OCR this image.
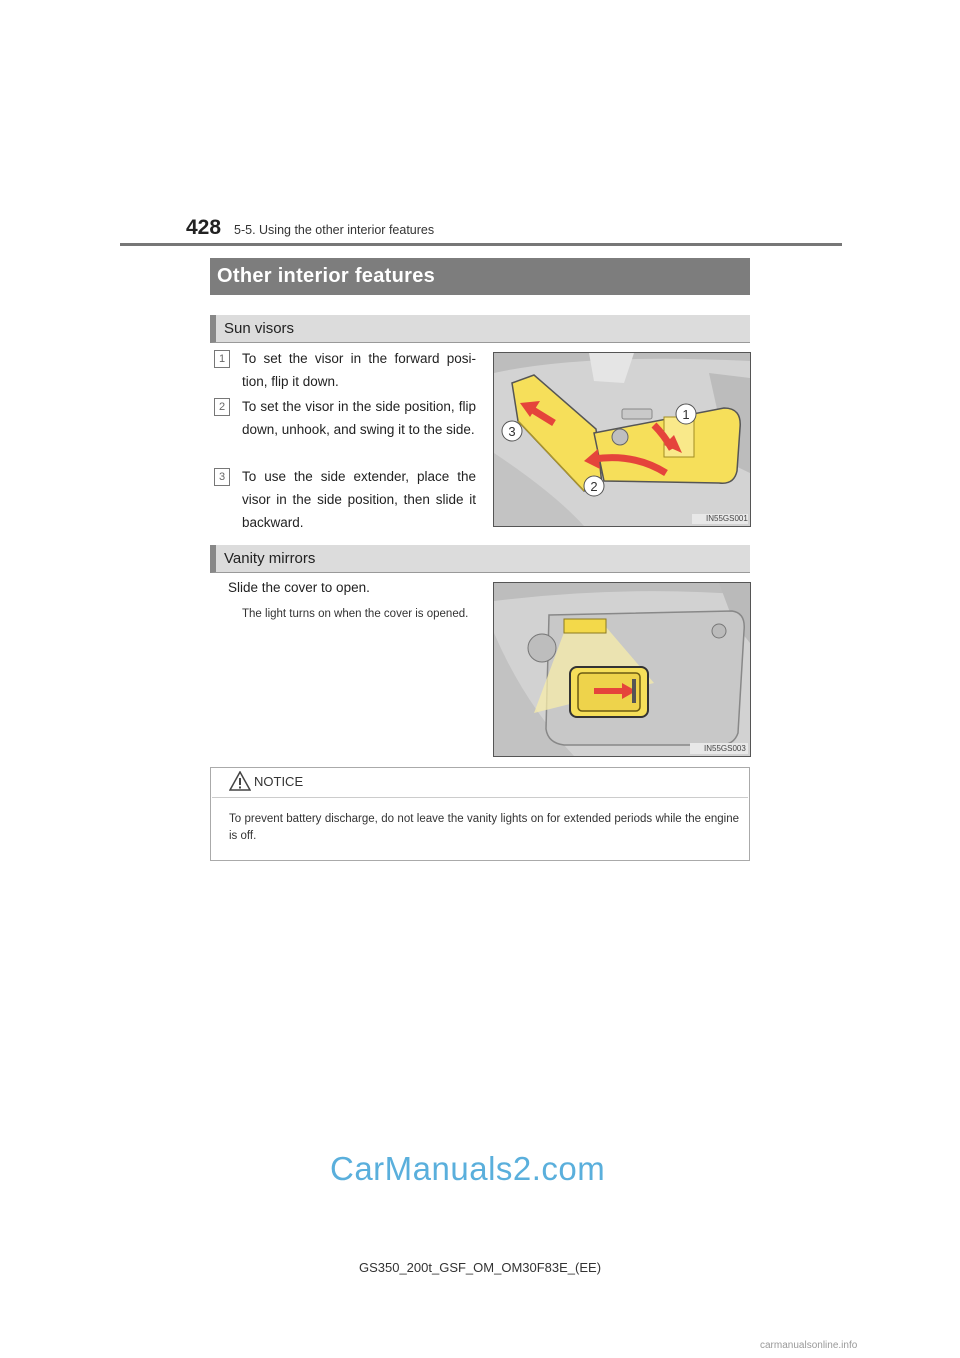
428 5-5. Using the other interior features
Other interior features
Sun visors
1	To set the visor in the forward posi- tion, flip it down.
2	To set the visor in the side position, flip down, unhook, and swing it to the side.
3	To use the side extender, place the visor in the side position, then slide it backward.
1
2
3
IN55GS001
Vanity mirrors
Slide the cover to open.
The light turns on when the cover is opened.
IN55GS003
NOTICE
To prevent battery discharge, do not leave the vanity lights on for extended periods while the engine is off.
CarManuals2.com
GS350_200t_GSF_OM_OM30F83E_(EE)
carmanualsonline.info
